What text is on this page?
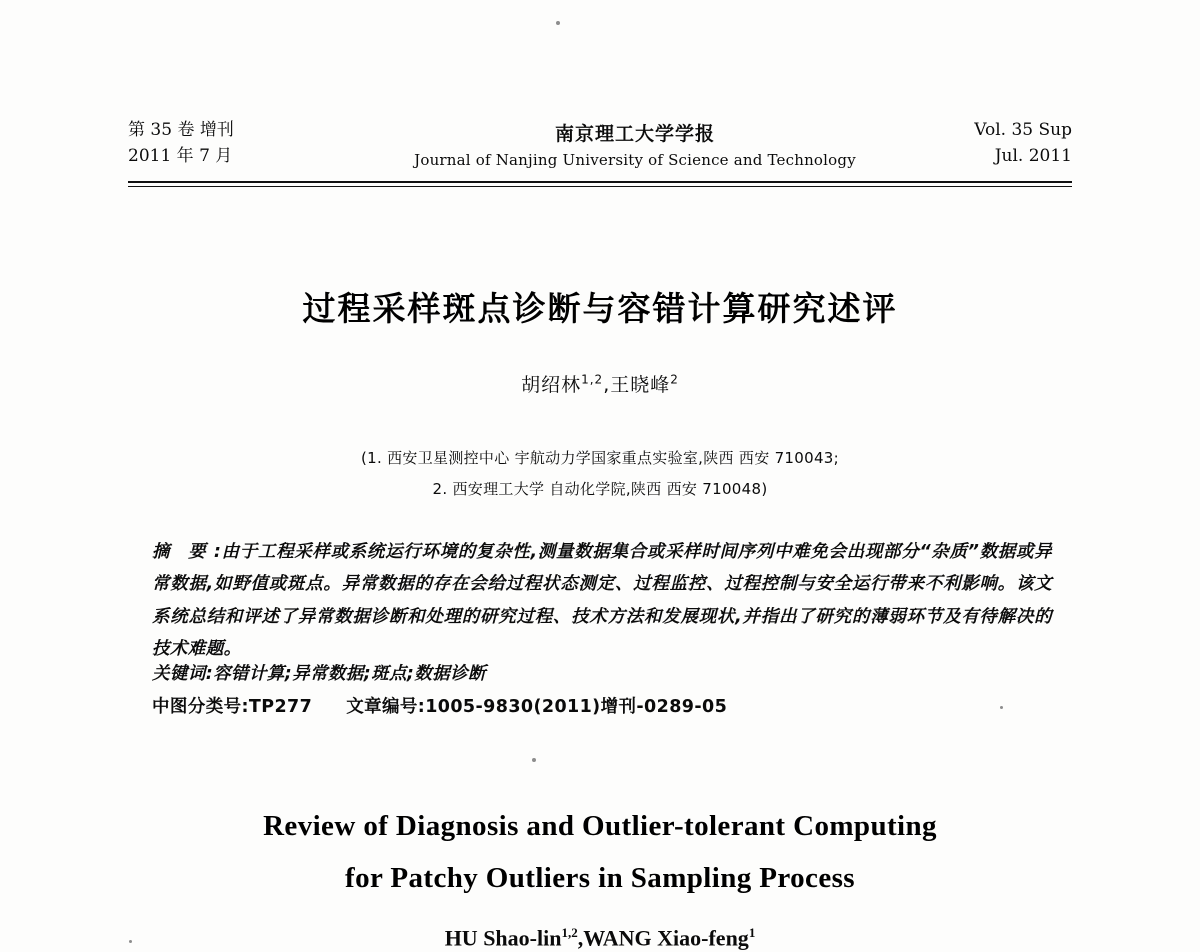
第 35 卷 增刊
2011 年 7 月
南京理工大学学报
Journal of Nanjing University of Science and Technology
Vol. 35 Sup
Jul. 2011
过程采样斑点诊断与容错计算研究述评
胡绍林$^{1,2}$,王晓峰$^2$
(1. 西安卫星测控中心 宇航动力学国家重点实验室,陕西 西安 710043;
2. 西安理工大学 自动化学院,陕西 西安 710048)
摘 要 :由于工程采样或系统运行环境的复杂性,测量数据集合或采样时间序列中难免会出现部分“杂质”数据或异常数据,如野值或斑点。异常数据的存在会给过程状态测定、过程监控、过程控制与安全运行带来不利影响。该文系统总结和评述了异常数据诊断和处理的研究过程、技术方法和发展现状,并指出了研究的薄弱环节及有待解决的技术难题。
关键词:容错计算;异常数据;斑点;数据诊断
中图分类号:TP277 文章编号:1005-9830(2011)增刊-0289-05
Review of Diagnosis and Outlier-tolerant Computing
for Patchy Outliers in Sampling Process
HU Shao-lin$^{1,2}$,WANG Xiao-feng$^1$
